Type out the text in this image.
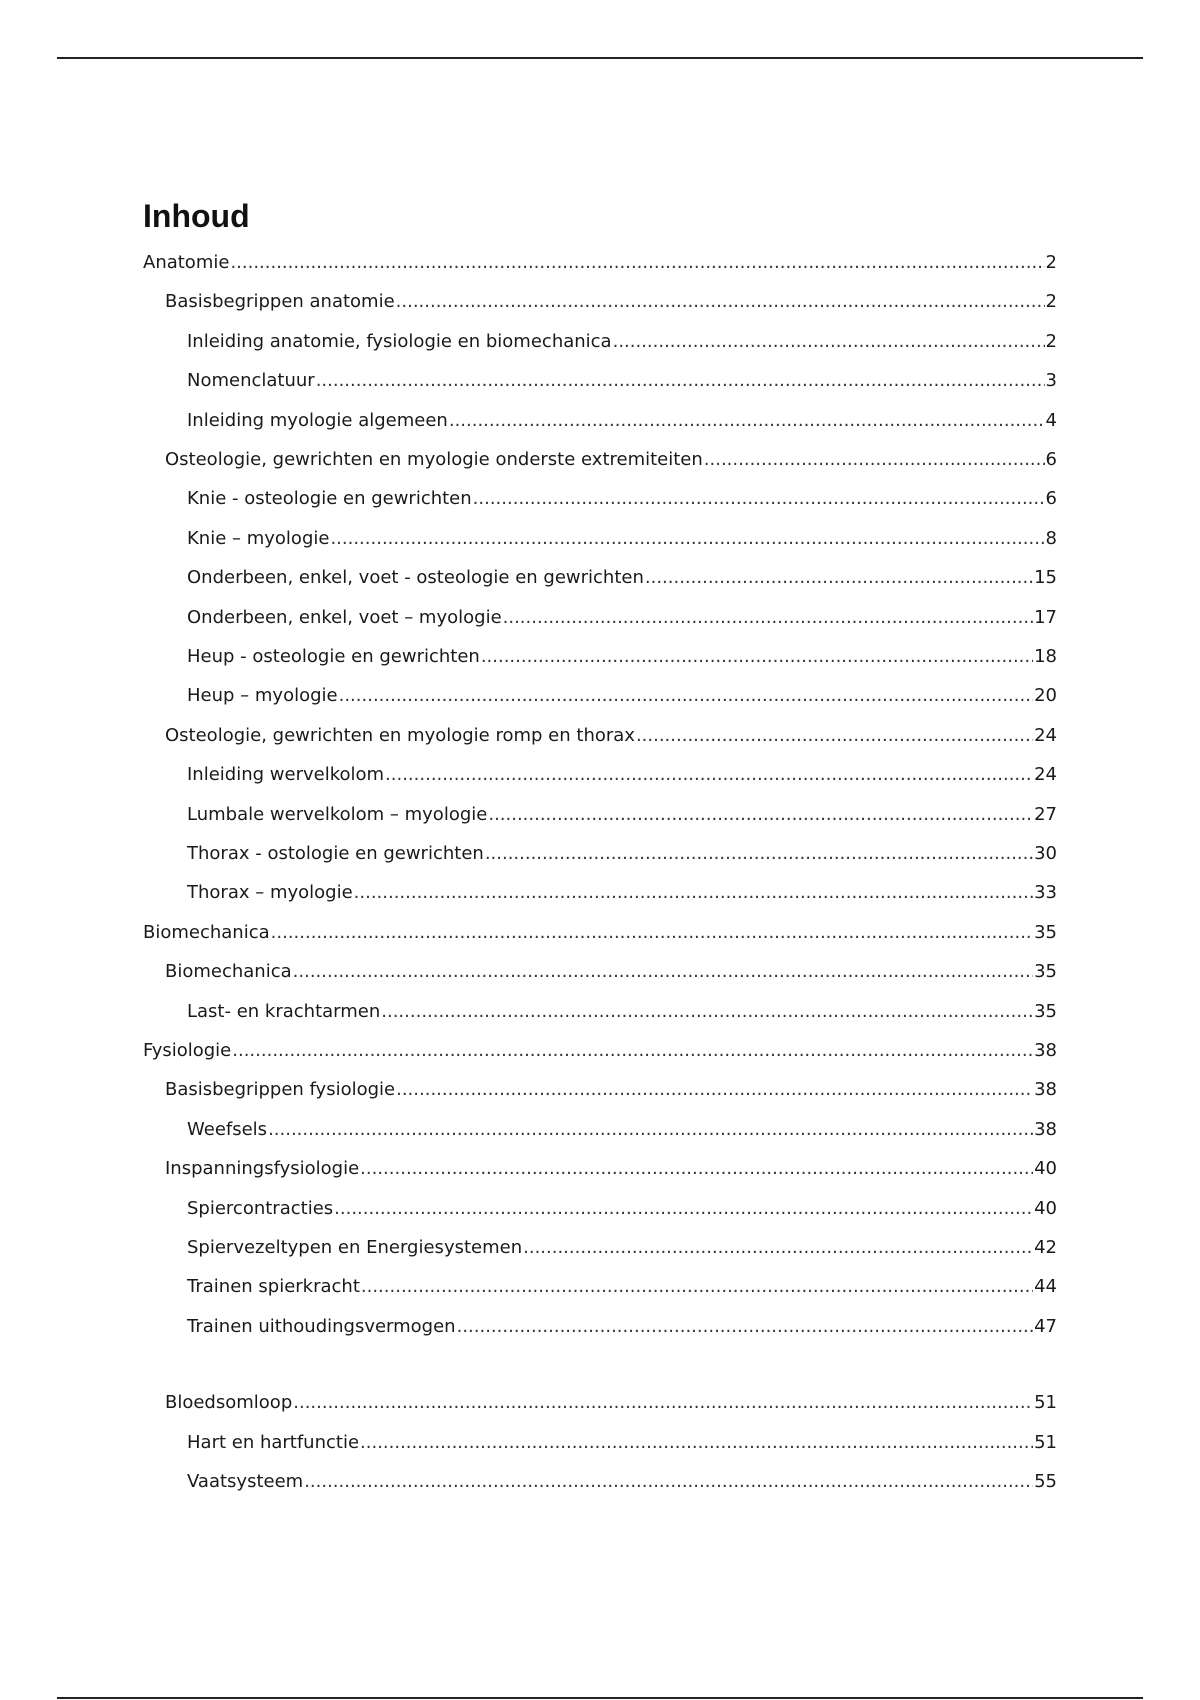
Inhoud
Anatomie .....	2
Basisbegrippen anatomie .....	2
Inleiding anatomie, fysiologie en biomechanica .....	2
Nomenclatuur .....	3
Inleiding myologie algemeen .....	4
Osteologie, gewrichten en myologie onderste extremiteiten .....	6
Knie - osteologie en gewrichten .....	6
Knie – myologie .....	8
Onderbeen, enkel, voet - osteologie en gewrichten .....	15
Onderbeen, enkel, voet – myologie .....	17
Heup - osteologie en gewrichten .....	18
Heup – myologie .....	20
Osteologie, gewrichten en myologie romp en thorax .....	24
Inleiding wervelkolom .....	24
Lumbale wervelkolom – myologie .....	27
Thorax - ostologie en gewrichten .....	30
Thorax – myologie .....	33
Biomechanica .....	35
Biomechanica .....	35
Last- en krachtarmen .....	35
Fysiologie .....	38
Basisbegrippen fysiologie .....	38
Weefsels .....	38
Inspanningsfysiologie .....	40
Spiercontracties .....	40
Spiervezeltypen en Energiesystemen .....	42
Trainen spierkracht .....	44
Trainen uithoudingsvermogen .....	47
Bloedsomloop .....	51
Hart en hartfunctie .....	51
Vaatsysteem .....	55
